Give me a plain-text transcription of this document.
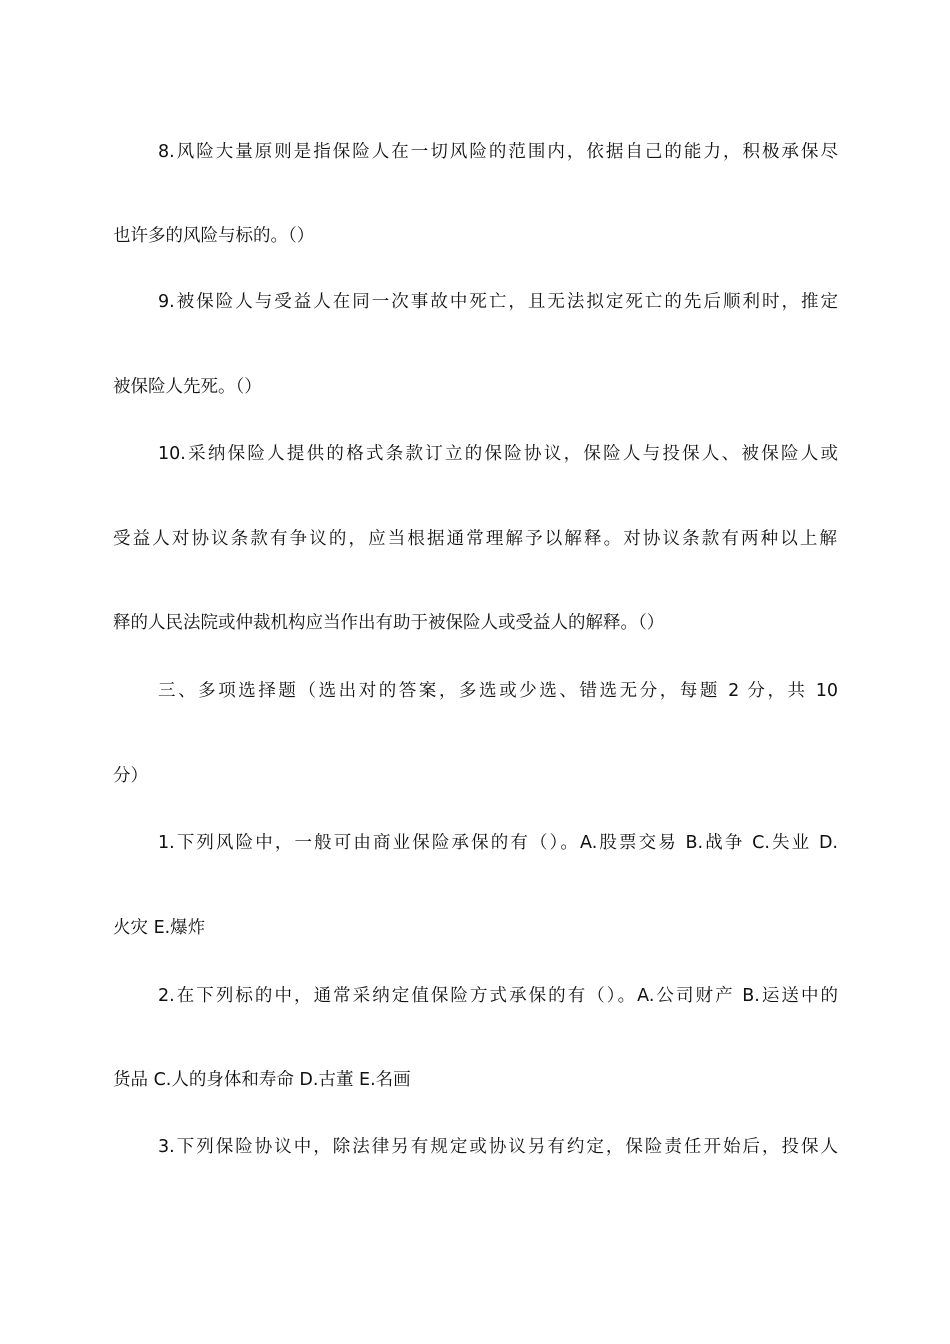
8.风险大量原则是指保险人在一切风险的范围内，依据自己的能力，积极承保尽
也许多的风险与标的。（）
9.被保险人与受益人在同一次事故中死亡，且无法拟定死亡的先后顺利时，推定
被保险人先死。（）
10.采纳保险人提供的格式条款订立的保险协议，保险人与投保人、被保险人或
受益人对协议条款有争议的，应当根据通常理解予以解释。对协议条款有两种以上解
释的人民法院或仲裁机构应当作出有助于被保险人或受益人的解释。（）
三、多项选择题（选出对的答案，多选或少选、错选无分，每题 2 分，共 10
分）
1.下列风险中，一般可由商业保险承保的有（）。A.股票交易 B.战争 C.失业 D.
火灾 E.爆炸
2.在下列标的中，通常采纳定值保险方式承保的有（）。A.公司财产 B.运送中的
货品 C.人的身体和寿命 D.古董 E.名画
3.下列保险协议中，除法律另有规定或协议另有约定，保险责任开始后，投保人
